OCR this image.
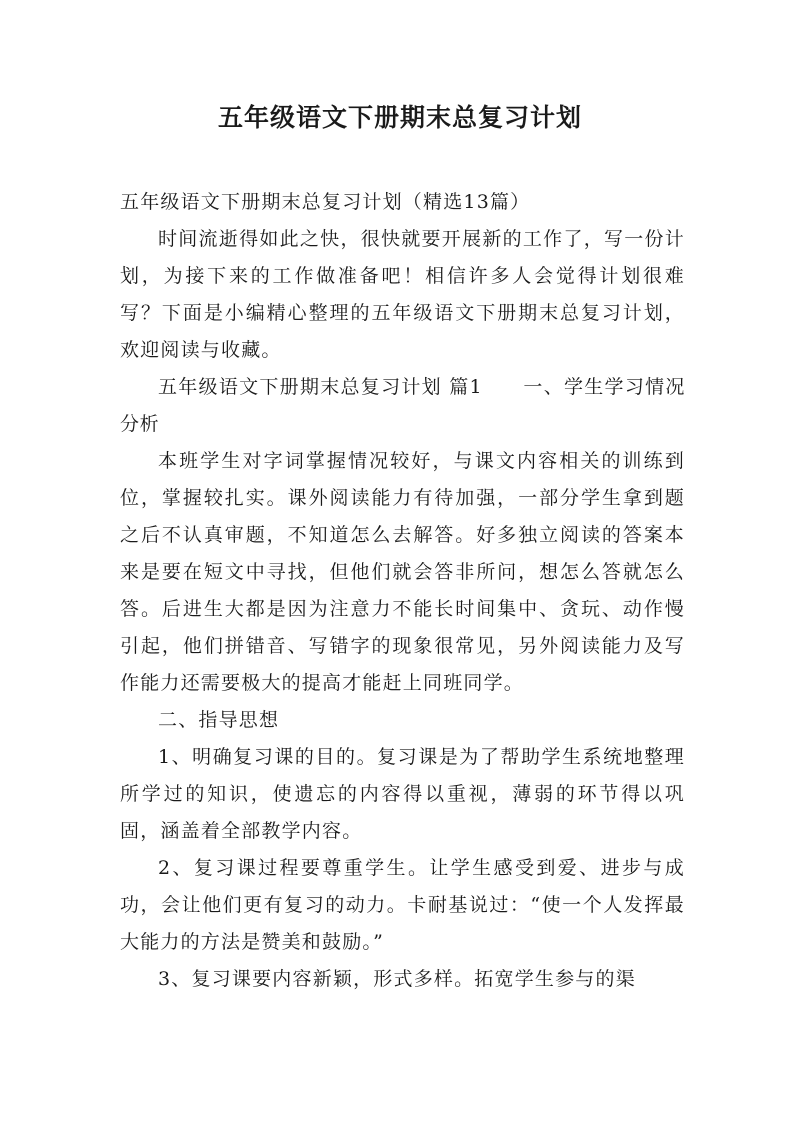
五年级语文下册期末总复习计划

五年级语文下册期末总复习计划（精选13篇）

时间流逝得如此之快，很快就要开展新的工作了，写一份计划，为接下来的工作做准备吧！相信许多人会觉得计划很难写？下面是小编精心整理的五年级语文下册期末总复习计划，欢迎阅读与收藏。

五年级语文下册期末总复习计划 篇1　　一、学生学习情况分析

本班学生对字词掌握情况较好，与课文内容相关的训练到位，掌握较扎实。课外阅读能力有待加强，一部分学生拿到题之后不认真审题，不知道怎么去解答。好多独立阅读的答案本来是要在短文中寻找，但他们就会答非所问，想怎么答就怎么答。后进生大都是因为注意力不能长时间集中、贪玩、动作慢引起，他们拼错音、写错字的现象很常见，另外阅读能力及写作能力还需要极大的提高才能赶上同班同学。

二、指导思想

1、明确复习课的目的。复习课是为了帮助学生系统地整理所学过的知识，使遗忘的内容得以重视，薄弱的环节得以巩固，涵盖着全部教学内容。

2、复习课过程要尊重学生。让学生感受到爱、进步与成功，会让他们更有复习的动力。卡耐基说过：“使一个人发挥最大能力的方法是赞美和鼓励。”

3、复习课要内容新颖，形式多样。拓宽学生参与的渠
